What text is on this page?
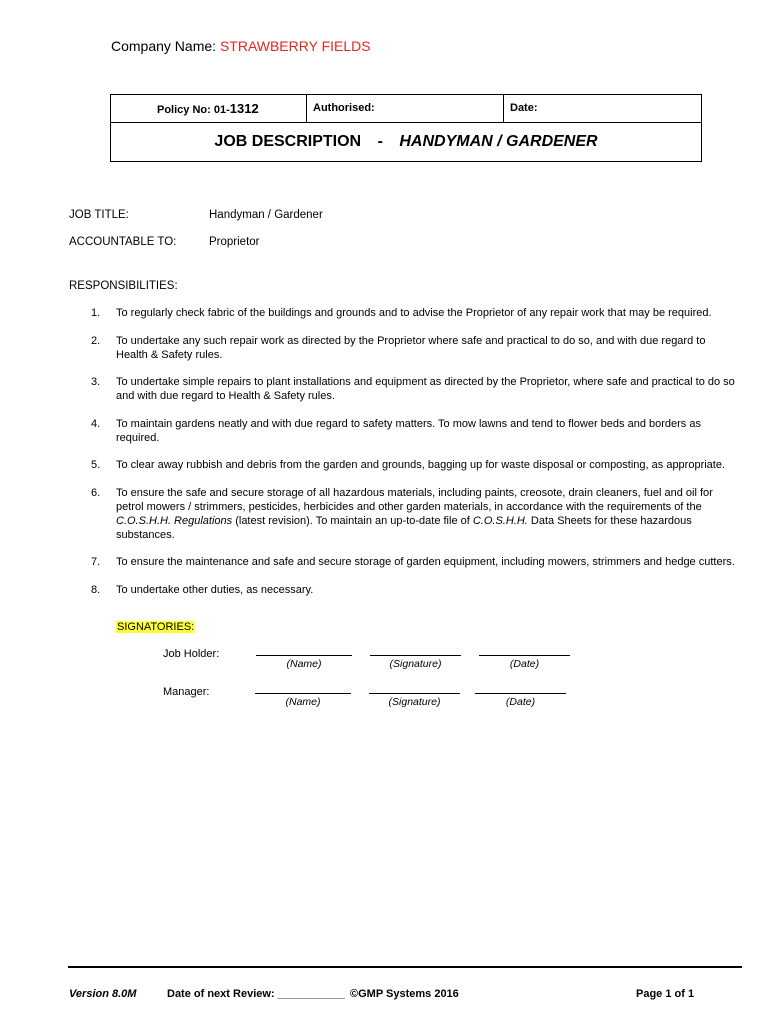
Company Name: STRAWBERRY FIELDS
Policy No: 01-1312	Authorised:	Date:
JOB DESCRIPTION - HANDYMAN / GARDENER
JOB TITLE:	Handyman / Gardener
ACCOUNTABLE TO:	Proprietor
RESPONSIBILITIES:
1. To regularly check fabric of the buildings and grounds and to advise the Proprietor of any repair work that may be required.
2. To undertake any such repair work as directed by the Proprietor where safe and practical to do so, and with due regard to Health & Safety rules.
3. To undertake simple repairs to plant installations and equipment as directed by the Proprietor, where safe and practical to do so and with due regard to Health & Safety rules.
4. To maintain gardens neatly and with due regard to safety matters. To mow lawns and tend to flower beds and borders as required.
5. To clear away rubbish and debris from the garden and grounds, bagging up for waste disposal or composting, as appropriate.
6. To ensure the safe and secure storage of all hazardous materials, including paints, creosote, drain cleaners, fuel and oil for petrol mowers / strimmers, pesticides, herbicides and other garden materials, in accordance with the requirements of the C.O.S.H.H. Regulations (latest revision). To maintain an up-to-date file of C.O.S.H.H. Data Sheets for these hazardous substances.
7. To ensure the maintenance and safe and secure storage of garden equipment, including mowers, strimmers and hedge cutters.
8. To undertake other duties, as necessary.
SIGNATORIES:
Job Holder:
(Name)	(Signature)	(Date)
Manager:
(Name)	(Signature)	(Date)
Version 8.0M	Date of next Review: ___________ ©GMP Systems 2016	Page 1 of 1
